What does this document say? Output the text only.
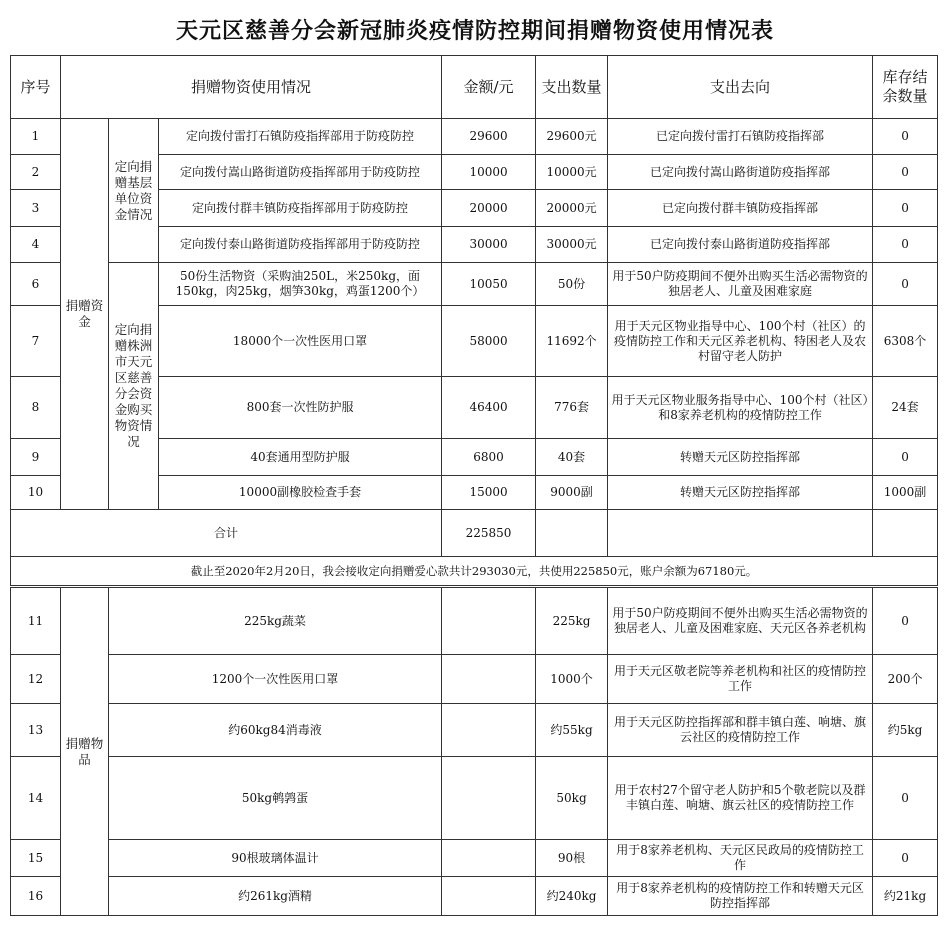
天元区慈善分会新冠肺炎疫情防控期间捐赠物资使用情况表
序号	捐赠物资使用情况			金额/元	支出数量	支出去向	库存结余数量
1	捐赠资金	定向捐赠基层单位资金情况	定向拨付雷打石镇防疫指挥部用于防疫防控	29600	29600元	已定向拨付雷打石镇防疫指挥部	0
2			定向拨付嵩山路街道防疫指挥部用于防疫防控	10000	10000元	已定向拨付嵩山路街道防疫指挥部	0
3			定向拨付群丰镇防疫指挥部用于防疫防控	20000	20000元	已定向拨付群丰镇防疫指挥部	0
4			定向拨付泰山路街道防疫指挥部用于防疫防控	30000	30000元	已定向拨付泰山路街道防疫指挥部	0
6		定向捐赠株洲市天元区慈善分会资金购买物资情况	50份生活物资（采购油250L，米250kg，面150kg，肉25kg，烟笋30kg，鸡蛋1200个）	10050	50份	用于50户防疫期间不便外出购买生活必需物资的独居老人、儿童及困难家庭	0
7			18000个一次性医用口罩	58000	11692个	用于天元区物业指导中心、100个村（社区）的疫情防控工作和天元区养老机构、特困老人及农村留守老人防护	6308个
8			800套一次性防护服	46400	776套	用于天元区物业服务指导中心、100个村（社区）和8家养老机构的疫情防控工作	24套
9			40套通用型防护服	6800	40套	转赠天元区防控指挥部	0
10			10000副橡胶检查手套	15000	9000副	转赠天元区防控指挥部	1000副
合计				225850			
截止至2020年2月20日，我会接收定向捐赠爱心款共计293030元，共使用225850元，账户余额为67180元。							
11	捐赠物品	225kg蔬菜			225kg	用于50户防疫期间不便外出购买生活必需物资的独居老人、儿童及困难家庭、天元区各养老机构	0
12		1200个一次性医用口罩			1000个	用于天元区敬老院等养老机构和社区的疫情防控工作	200个
13		约60kg84消毒液			约55kg	用于天元区防控指挥部和群丰镇白莲、响塘、旗云社区的疫情防控工作	约5kg
14		50kg鹌鹑蛋			50kg	用于农村27个留守老人防护和5个敬老院以及群丰镇白莲、响塘、旗云社区的疫情防控工作	0
15		90根玻璃体温计			90根	用于8家养老机构、天元区民政局的疫情防控工作	0
16		约261kg酒精			约240kg	用于8家养老机构的疫情防控工作和转赠天元区防控指挥部	约21kg
